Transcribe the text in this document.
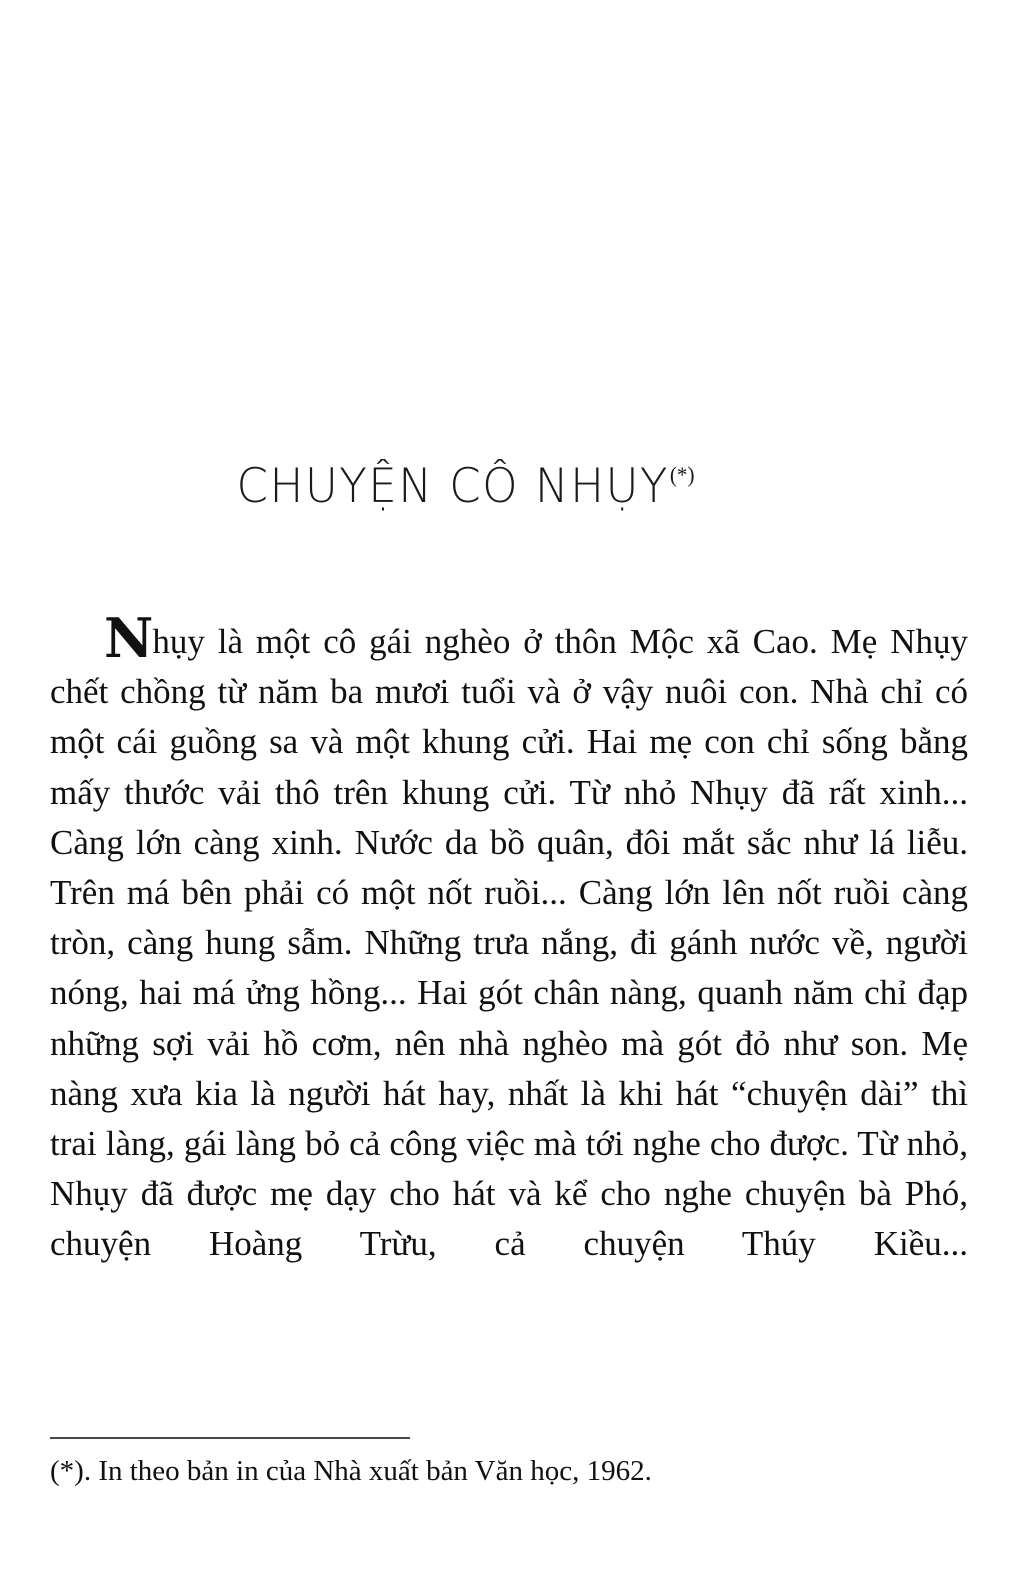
CHUYỆN CÔ NHỤY(*)

Nhụy là một cô gái nghèo ở thôn Mộc xã Cao. Mẹ Nhụy chết chồng từ năm ba mươi tuổi và ở vậy nuôi con. Nhà chỉ có một cái guồng sa và một khung cửi. Hai mẹ con chỉ sống bằng mấy thước vải thô trên khung cửi. Từ nhỏ Nhụy đã rất xinh... Càng lớn càng xinh. Nước da bồ quân, đôi mắt sắc như lá liễu. Trên má bên phải có một nốt ruồi... Càng lớn lên nốt ruồi càng tròn, càng hung sẫm. Những trưa nắng, đi gánh nước về, người nóng, hai má ửng hồng... Hai gót chân nàng, quanh năm chỉ đạp những sợi vải hồ cơm, nên nhà nghèo mà gót đỏ như son. Mẹ nàng xưa kia là người hát hay, nhất là khi hát “chuyện dài” thì trai làng, gái làng bỏ cả công việc mà tới nghe cho được. Từ nhỏ, Nhụy đã được mẹ dạy cho hát và kể cho nghe chuyện bà Phó, chuyện Hoàng Trừu, cả chuyện Thúy Kiều...

(*). In theo bản in của Nhà xuất bản Văn học, 1962.
